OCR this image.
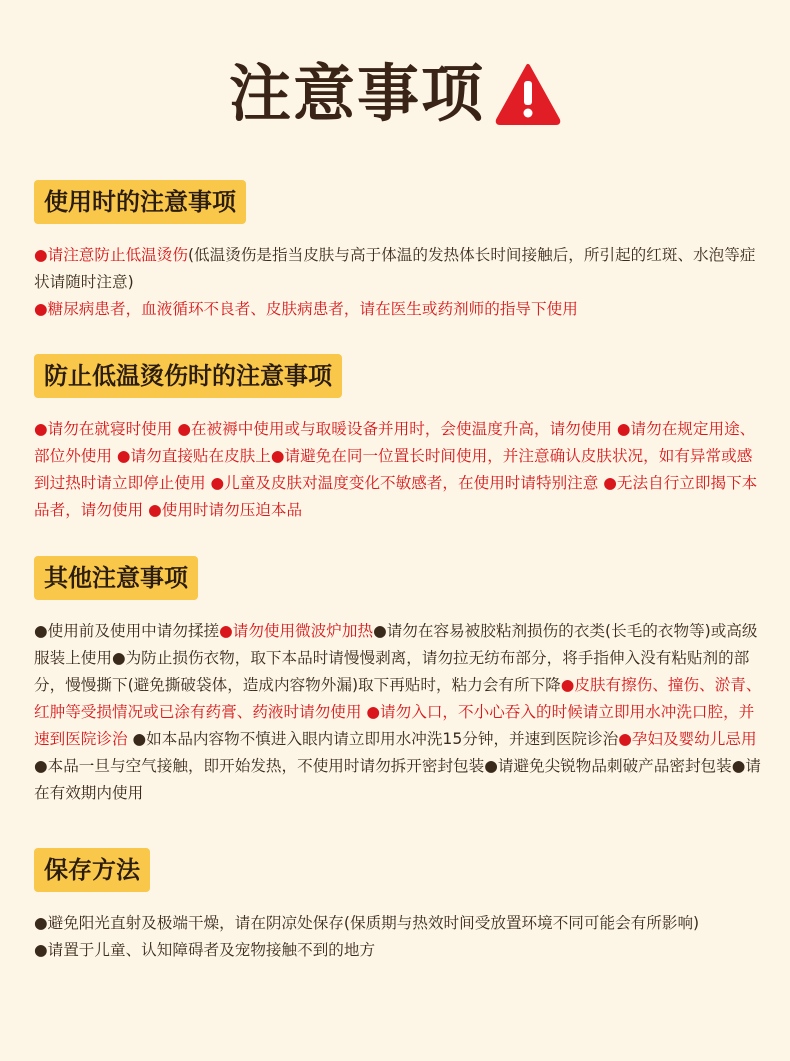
注意事项
使用时的注意事项

●请注意防止低温烫伤(低温烫伤是指当皮肤与高于体温的发热体长时间接触后，所引起的红斑、水泡等症状请随时注意)

●糖尿病患者，血液循环不良者、皮肤病患者，请在医生或药剂师的指导下使用

防止低温烫伤时的注意事项

●请勿在就寝时使用 ●在被褥中使用或与取暖设备并用时，会使温度升高，请勿使用 ●请勿在规定用途、部位外使用 ●请勿直接贴在皮肤上●请避免在同一位置长时间使用，并注意确认皮肤状况，如有异常或感到过热时请立即停止使用 ●儿童及皮肤对温度变化不敏感者，在使用时请特别注意 ●无法自行立即揭下本品者，请勿使用 ●使用时请勿压迫本品

其他注意事项

●使用前及使用中请勿揉搓●请勿使用微波炉加热●请勿在容易被胶粘剂损伤的衣类(长毛的衣物等)或高级服装上使用●为防止损伤衣物，取下本品时请慢慢剥离，请勿拉无纺布部分，将手指伸入没有粘贴剂的部分，慢慢撕下(避免撕破袋体，造成内容物外漏)取下再贴时，粘力会有所下降●皮肤有擦伤、撞伤、淤青、红肿等受损情况或已涂有药膏、药液时请勿使用 ●请勿入口，不小心吞入的时候请立即用水冲洗口腔，并速到医院诊治 ●如本品内容物不慎进入眼内请立即用水冲洗15分钟，并速到医院诊治●孕妇及婴幼儿忌用●本品一旦与空气接触，即开始发热，不使用时请勿拆开密封包装●请避免尖锐物品刺破产品密封包装●请在有效期内使用

保存方法

●避免阳光直射及极端干燥，请在阴凉处保存(保质期与热效时间受放置环境不同可能会有所影响)

●请置于儿童、认知障碍者及宠物接触不到的地方
